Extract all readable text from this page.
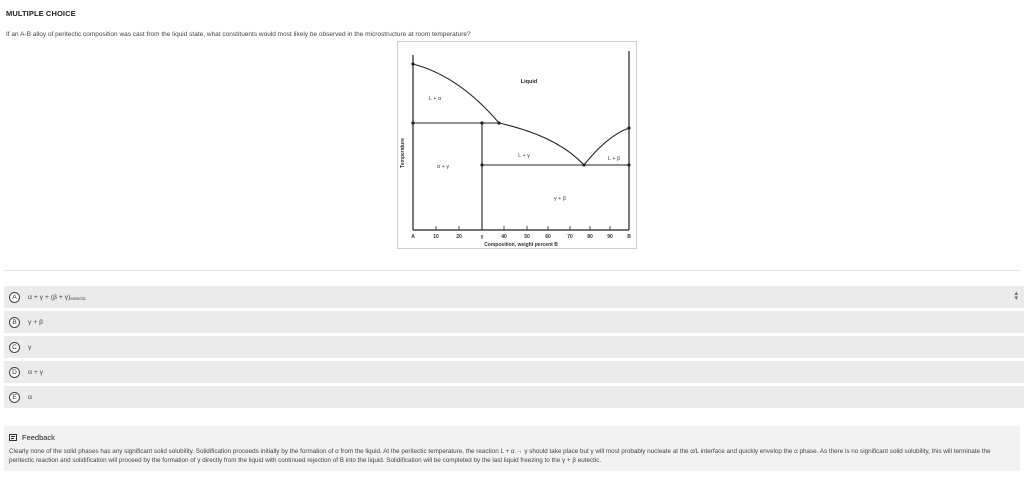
MULTIPLE CHOICE
If an A-B alloy of peritectic composition was cast from the liquid state, what constituents would most likely be observed in the microstructure at room temperature?
Liquid
L + α
α + γ
L + γ	L + β
γ + β
A	10	20	γ	40	50	60	70	80	90	B
Composition, weight percent B
Temperature
A	$\alpha + \gamma + (\beta + \gamma)_{eutectic}$
▴
▾
B	γ + β
C	γ
D	α + γ
E	α
Feedback
Clearly none of the solid phases has any significant solid solubility. Solidification proceeds initially by the formation of α from the liquid. At the peritectic temperature, the reaction L + α → γ should take place but γ will most probably nucleate at the α/L interface and quickly envelop the α phase. As there is no significant solid solubility, this will terminate the peritectic reaction and solidification will proceed by the formation of γ directly from the liquid with continued rejection of B into the liquid. Solidification will be completed by the last liquid freezing to the γ + β eutectic.
